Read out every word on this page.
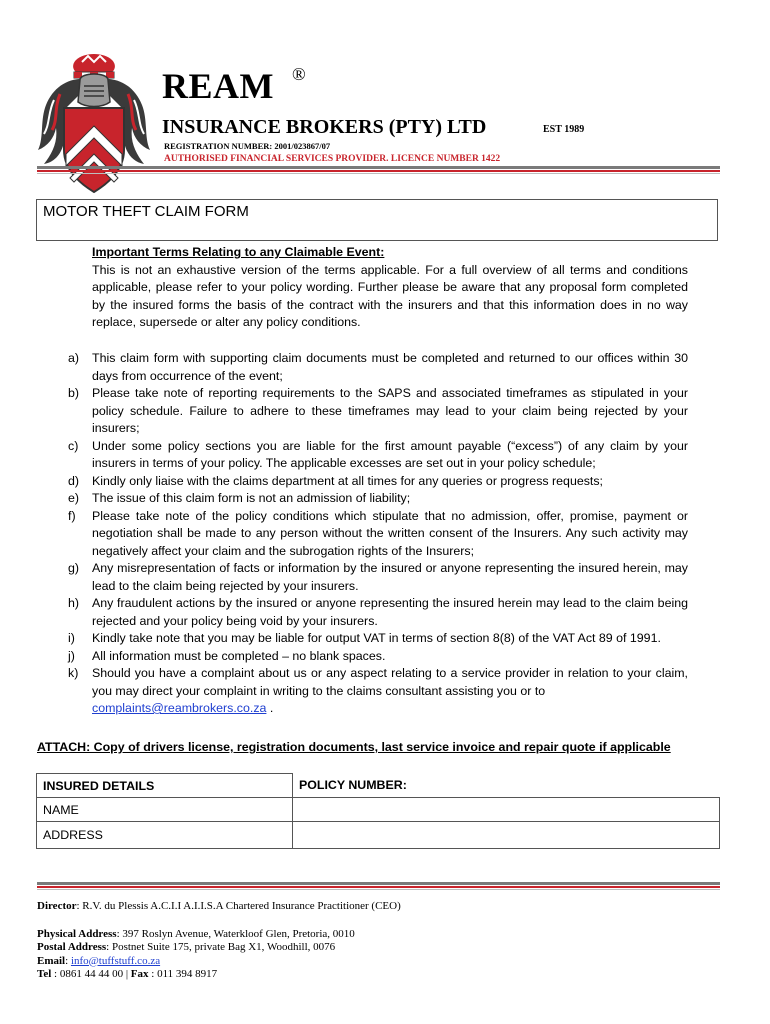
REAM ®
INSURANCE BROKERS (PTY) LTD	EST 1989
REGISTRATION NUMBER: 2001/023867/07
AUTHORISED FINANCIAL SERVICES PROVIDER. LICENCE NUMBER 1422
MOTOR THEFT CLAIM FORM
Important Terms Relating to any Claimable Event:

This is not an exhaustive version of the terms applicable. For a full overview of all terms and conditions applicable, please refer to your policy wording. Further please be aware that any proposal form completed by the insured forms the basis of the contract with the insurers and that this information does in no way replace, supersede or alter any policy conditions.

a) This claim form with supporting claim documents must be completed and returned to our offices within 30 days from occurrence of the event;
b) Please take note of reporting requirements to the SAPS and associated timeframes as stipulated in your policy schedule. Failure to adhere to these timeframes may lead to your claim being rejected by your insurers;
c) Under some policy sections you are liable for the first amount payable (“excess”) of any claim by your insurers in terms of your policy. The applicable excesses are set out in your policy schedule;
d) Kindly only liaise with the claims department at all times for any queries or progress requests;
e) The issue of this claim form is not an admission of liability;
f) Please take note of the policy conditions which stipulate that no admission, offer, promise, payment or negotiation shall be made to any person without the written consent of the Insurers. Any such activity may negatively affect your claim and the subrogation rights of the Insurers;
g) Any misrepresentation of facts or information by the insured or anyone representing the insured herein, may lead to the claim being rejected by your insurers.
h) Any fraudulent actions by the insured or anyone representing the insured herein may lead to the claim being rejected and your policy being void by your insurers.
i) Kindly take note that you may be liable for output VAT in terms of section 8(8) of the VAT Act 89 of 1991.
j) All information must be completed – no blank spaces.
k) Should you have a complaint about us or any aspect relating to a service provider in relation to your claim, you may direct your complaint in writing to the claims consultant assisting you or to
complaints@reambrokers.co.za .
ATTACH: Copy of drivers license, registration documents, last service invoice and repair quote if applicable
INSURED DETAILS	POLICY NUMBER:
NAME	
ADDRESS	
Director: R.V. du Plessis A.C.I.I A.I.I.S.A Chartered Insurance Practitioner (CEO)
Physical Address: 397 Roslyn Avenue, Waterkloof Glen, Pretoria, 0010
Postal Address: Postnet Suite 175, private Bag X1, Woodhill, 0076
Email: info@tuffstuff.co.za
Tel : 0861 44 44 00 | Fax : 011 394 8917
